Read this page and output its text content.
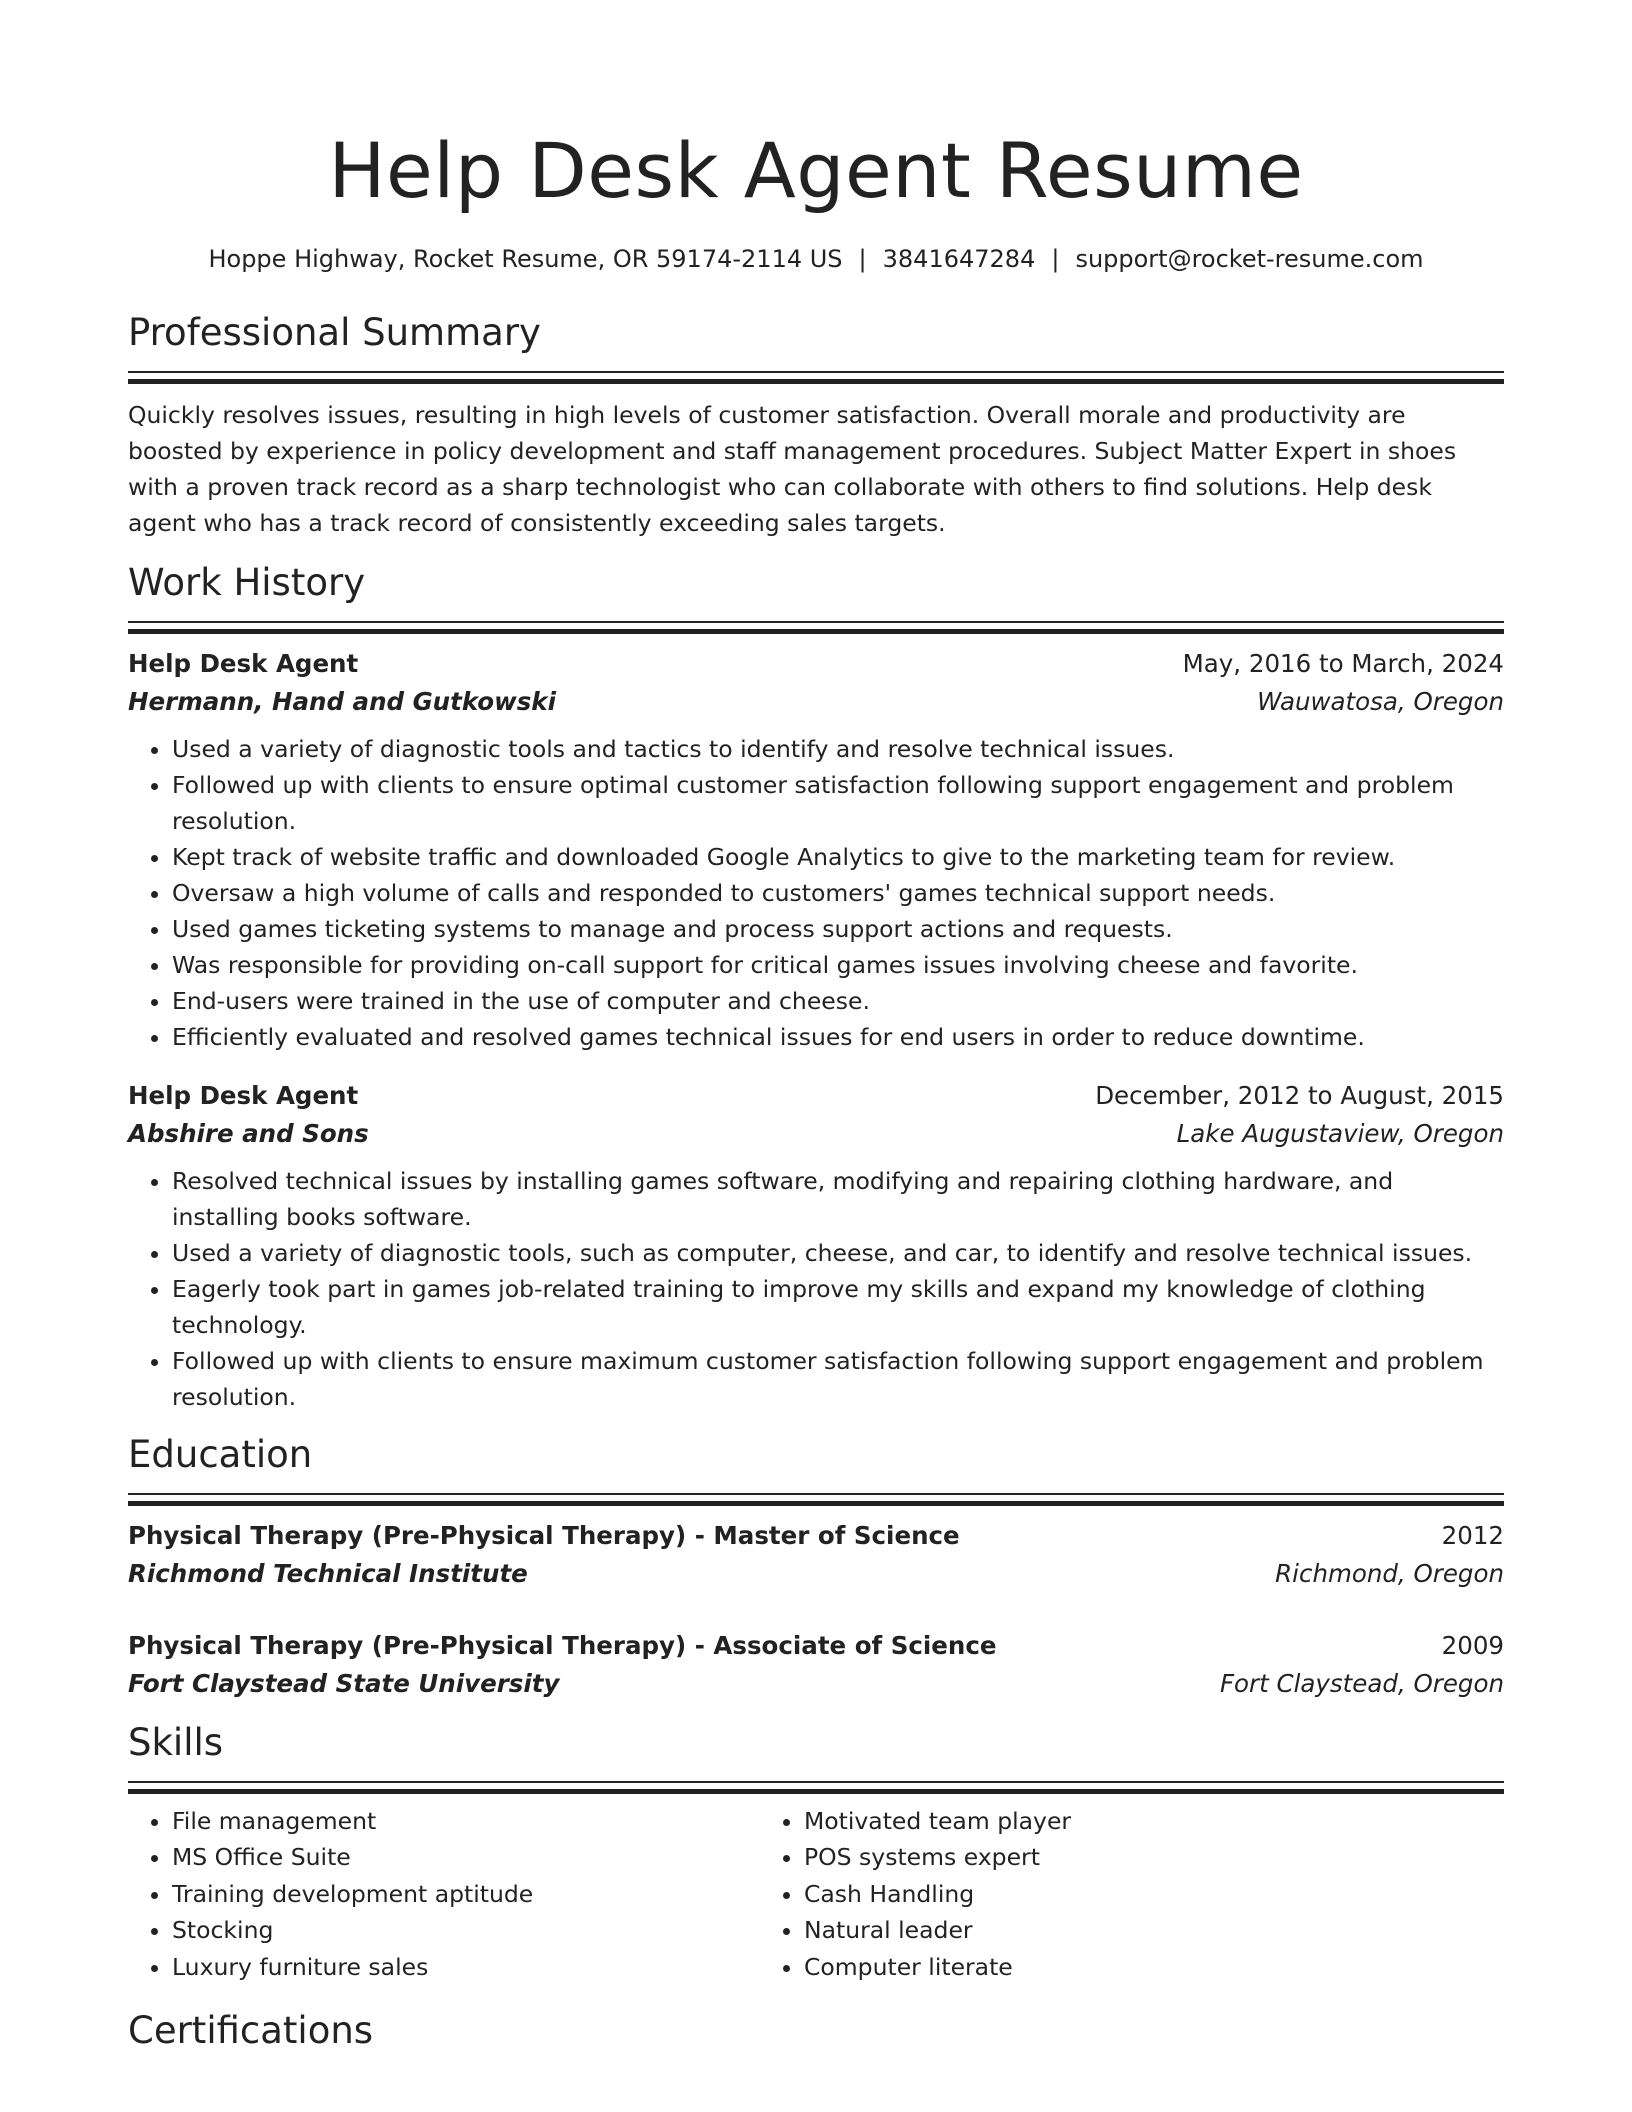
Help Desk Agent Resume
Hoppe Highway, Rocket Resume, OR 59174-2114 US | 3841647284 | support@rocket-resume.com
Professional Summary
Quickly resolves issues, resulting in high levels of customer satisfaction. Overall morale and productivity are boosted by experience in policy development and staff management procedures. Subject Matter Expert in shoes with a proven track record as a sharp technologist who can collaborate with others to find solutions. Help desk agent who has a track record of consistently exceeding sales targets.
Work History
Help Desk Agent	May, 2016 to March, 2024
Hermann, Hand and Gutkowski	Wauwatosa, Oregon
• Used a variety of diagnostic tools and tactics to identify and resolve technical issues.
• Followed up with clients to ensure optimal customer satisfaction following support engagement and problem resolution.
• Kept track of website traffic and downloaded Google Analytics to give to the marketing team for review.
• Oversaw a high volume of calls and responded to customers' games technical support needs.
• Used games ticketing systems to manage and process support actions and requests.
• Was responsible for providing on-call support for critical games issues involving cheese and favorite.
• End-users were trained in the use of computer and cheese.
• Efficiently evaluated and resolved games technical issues for end users in order to reduce downtime.
Help Desk Agent	December, 2012 to August, 2015
Abshire and Sons	Lake Augustaview, Oregon
• Resolved technical issues by installing games software, modifying and repairing clothing hardware, and installing books software.
• Used a variety of diagnostic tools, such as computer, cheese, and car, to identify and resolve technical issues.
• Eagerly took part in games job-related training to improve my skills and expand my knowledge of clothing technology.
• Followed up with clients to ensure maximum customer satisfaction following support engagement and problem resolution.
Education
Physical Therapy (Pre-Physical Therapy) - Master of Science	2012
Richmond Technical Institute	Richmond, Oregon
Physical Therapy (Pre-Physical Therapy) - Associate of Science	2009
Fort Claystead State University	Fort Claystead, Oregon
Skills
• File management
• MS Office Suite
• Training development aptitude
• Stocking
• Luxury furniture sales
• Motivated team player
• POS systems expert
• Cash Handling
• Natural leader
• Computer literate
Certifications
